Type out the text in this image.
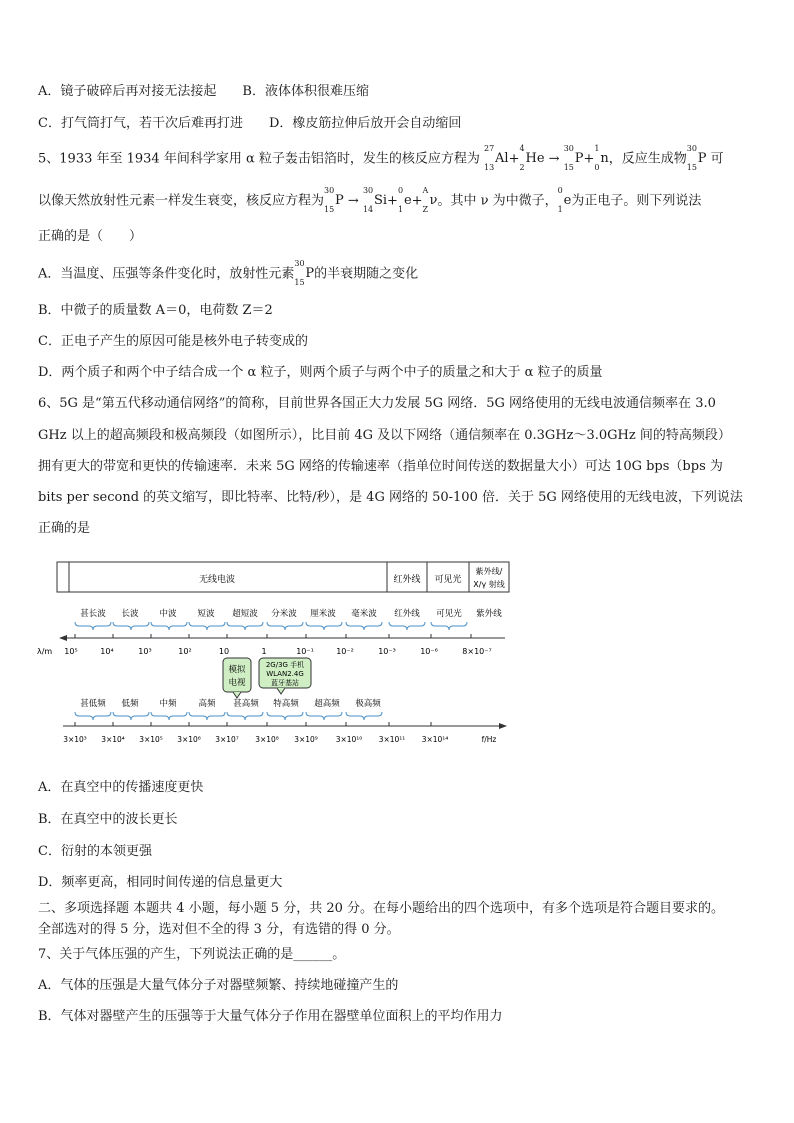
A．镜子破碎后再对接无法接起 B．液体体积很难压缩
C．打气筒打气，若干次后难再打进 D．橡皮筋拉伸后放开会自动缩回
5、1933 年至 1934 年间科学家用 α 粒子轰击铝箔时，发生的核反应方程为
27
13
Al+
4
2
He →
30
15
P+
1
0
n，反应生成物
30
15
P 可
以像天然放射性元素一样发生衰变，核反应方程为
30
15
P →
30
14
Si+
0
1
e+
A
Z
ν。其中 ν 为中微子，
0
1
e为正电子。则下列说法
正确的是（　　）
A．当温度、压强等条件变化时，放射性元素
30
15
P的半衰期随之变化
B．中微子的质量数 A＝0，电荷数 Z＝2
C．正电子产生的原因可能是核外电子转变成的
D．两个质子和两个中子结合成一个 α 粒子，则两个质子与两个中子的质量之和大于 α 粒子的质量
6、5G 是“第五代移动通信网络”的简称，目前世界各国正大力发展 5G 网络．5G 网络使用的无线电波通信频率在 3.0
GHz 以上的超高频段和极高频段（如图所示），比目前 4G 及以下网络（通信频率在 0.3GHz～3.0GHz 间的特高频段）
拥有更大的带宽和更快的传输速率．未来 5G 网络的传输速率（指单位时间传送的数据量大小）可达 10G bps（bps 为
bits per second 的英文缩写，即比特率、比特/秒），是 4G 网络的 50-100 倍．关于 5G 网络使用的无线电波，下列说法
正确的是
无线电波	红外线 可见光
紫外线/
X/γ 射线
甚长波 长波 中波 短波 超短波 分米波 厘米波 毫米波 红外线 可见光 紫外线
λ/m 10⁵	10⁴	10³	10²	10	1	10⁻¹	10⁻²	10⁻³	10⁻⁶	8×10⁻⁷
模拟
电视
2G/3G 手机
WLAN2.4G
蓝牙基站
甚低频 低频 中频	高频 甚高频 特高频 超高频 极高频
3×10³ 3×10⁴ 3×10⁵ 3×10⁶ 3×10⁷ 3×10⁸ 3×10⁹ 3×10¹⁰ 3×10¹¹ 3×10¹⁴	f/Hz
A．在真空中的传播速度更快
B．在真空中的波长更长
C．衍射的本领更强
D．频率更高，相同时间传递的信息量更大
二、多项选择题 本题共 4 小题，每小题 5 分，共 20 分。在每小题给出的四个选项中，有多个选项是符合题目要求的。
全部选对的得 5 分，选对但不全的得 3 分，有选错的得 0 分。
7、关于气体压强的产生，下列说法正确的是______。
A．气体的压强是大量气体分子对器壁频繁、持续地碰撞产生的
B．气体对器壁产生的压强等于大量气体分子作用在器壁单位面积上的平均作用力
